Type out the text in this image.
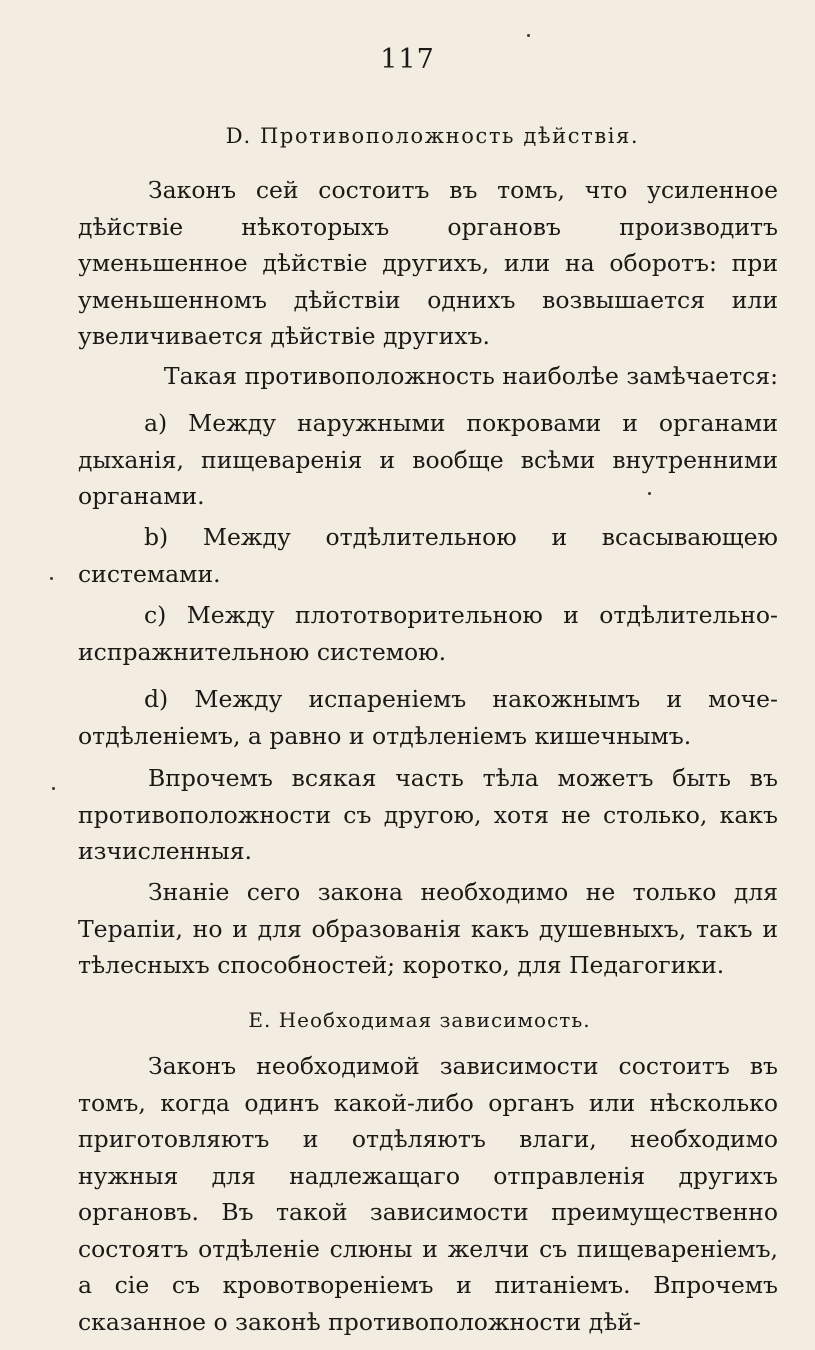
117
D. Противоположность дѣйствія.

Законъ сей состоитъ въ томъ, что усиленное дѣйствіе нѣкоторыхъ органовъ производитъ уменьшенное дѣйствіе другихъ, или на оборотъ: при уменьшенномъ дѣйствіи однихъ возвышается или увеличивается дѣйствіе другихъ.

Такая противоположность наиболѣе замѣчается:

a) Между наружными покровами и органами дыханія, пищеваренія и вообще всѣми внутренними органами.

b) Между отдѣлительною и всасывающею системами.

c) Между плототворительною и отдѣлительно-испражнительною системою.

d) Между испареніемъ накожнымъ и моче-отдѣленіемъ, а равно и отдѣленіемъ кишечнымъ.

Впрочемъ всякая часть тѣла можетъ быть въ противоположности съ другою, хотя не столько, какъ изчисленныя.

Знаніе сего закона необходимо не только для Терапіи, но и для образованія какъ душевныхъ, такъ и тѣлесныхъ способностей; коротко, для Педагогики.

E. Необходимая зависимость.

Законъ необходимой зависимости состоитъ въ томъ, когда одинъ какой-либо органъ или нѣсколько приготовляютъ и отдѣляютъ влаги, необходимо нужныя для надлежащаго отправленія другихъ органовъ. Въ такой зависимости преимущественно состоятъ отдѣленіе слюны и желчи съ пищевареніемъ, а сіе съ кровотвореніемъ и питаніемъ. Впрочемъ сказанное о законѣ противоположности дѣй-
